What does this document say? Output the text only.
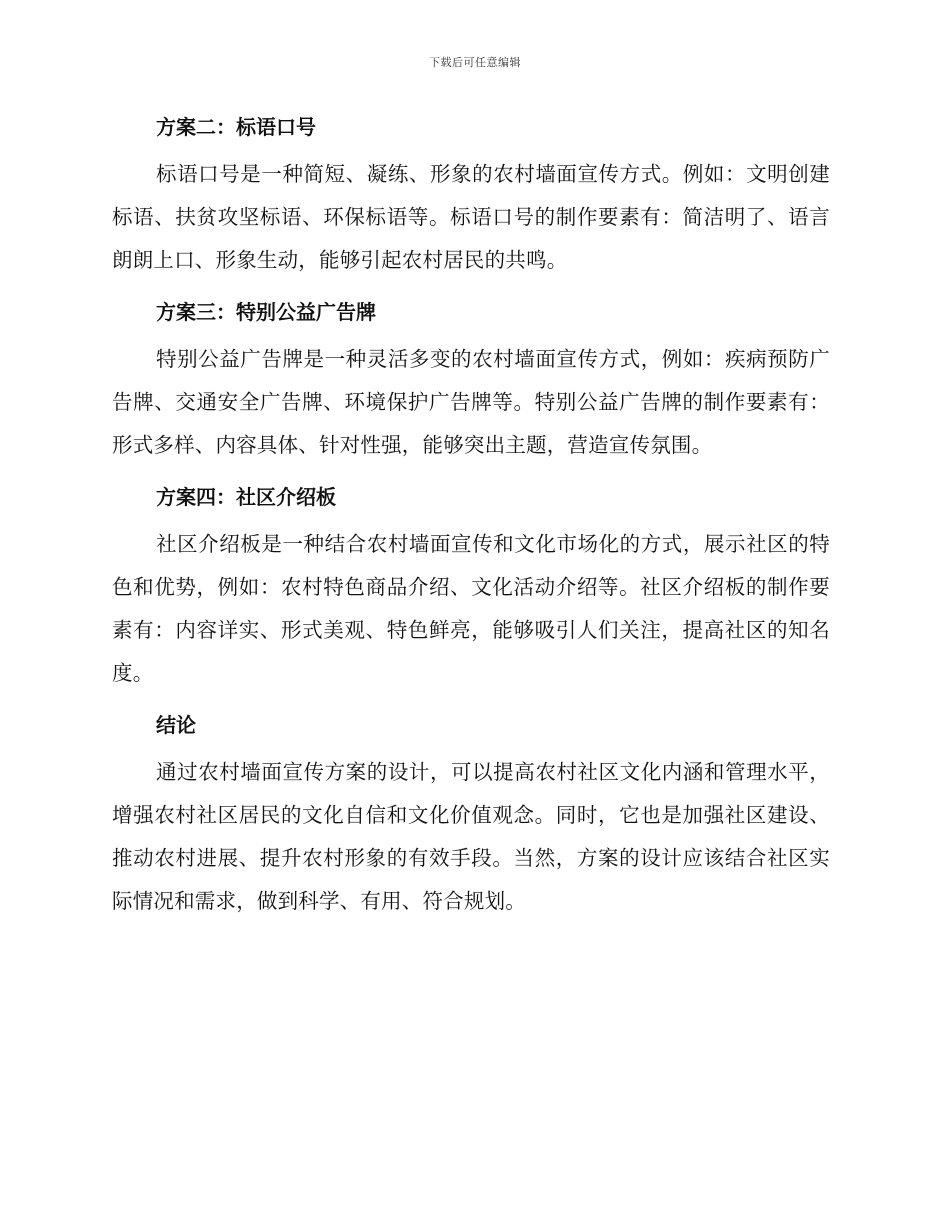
下载后可任意编辑
方案二：标语口号

标语口号是一种简短、凝练、形象的农村墙面宣传方式。例如：文明创建标语、扶贫攻坚标语、环保标语等。标语口号的制作要素有：简洁明了、语言朗朗上口、形象生动，能够引起农村居民的共鸣。

方案三：特别公益广告牌

特别公益广告牌是一种灵活多变的农村墙面宣传方式，例如：疾病预防广告牌、交通安全广告牌、环境保护广告牌等。特别公益广告牌的制作要素有：形式多样、内容具体、针对性强，能够突出主题，营造宣传氛围。

方案四：社区介绍板

社区介绍板是一种结合农村墙面宣传和文化市场化的方式，展示社区的特色和优势，例如：农村特色商品介绍、文化活动介绍等。社区介绍板的制作要素有：内容详实、形式美观、特色鲜亮，能够吸引人们关注，提高社区的知名度。

结论

通过农村墙面宣传方案的设计，可以提高农村社区文化内涵和管理水平，增强农村社区居民的文化自信和文化价值观念。同时，它也是加强社区建设、推动农村进展、提升农村形象的有效手段。当然，方案的设计应该结合社区实际情况和需求，做到科学、有用、符合规划。
